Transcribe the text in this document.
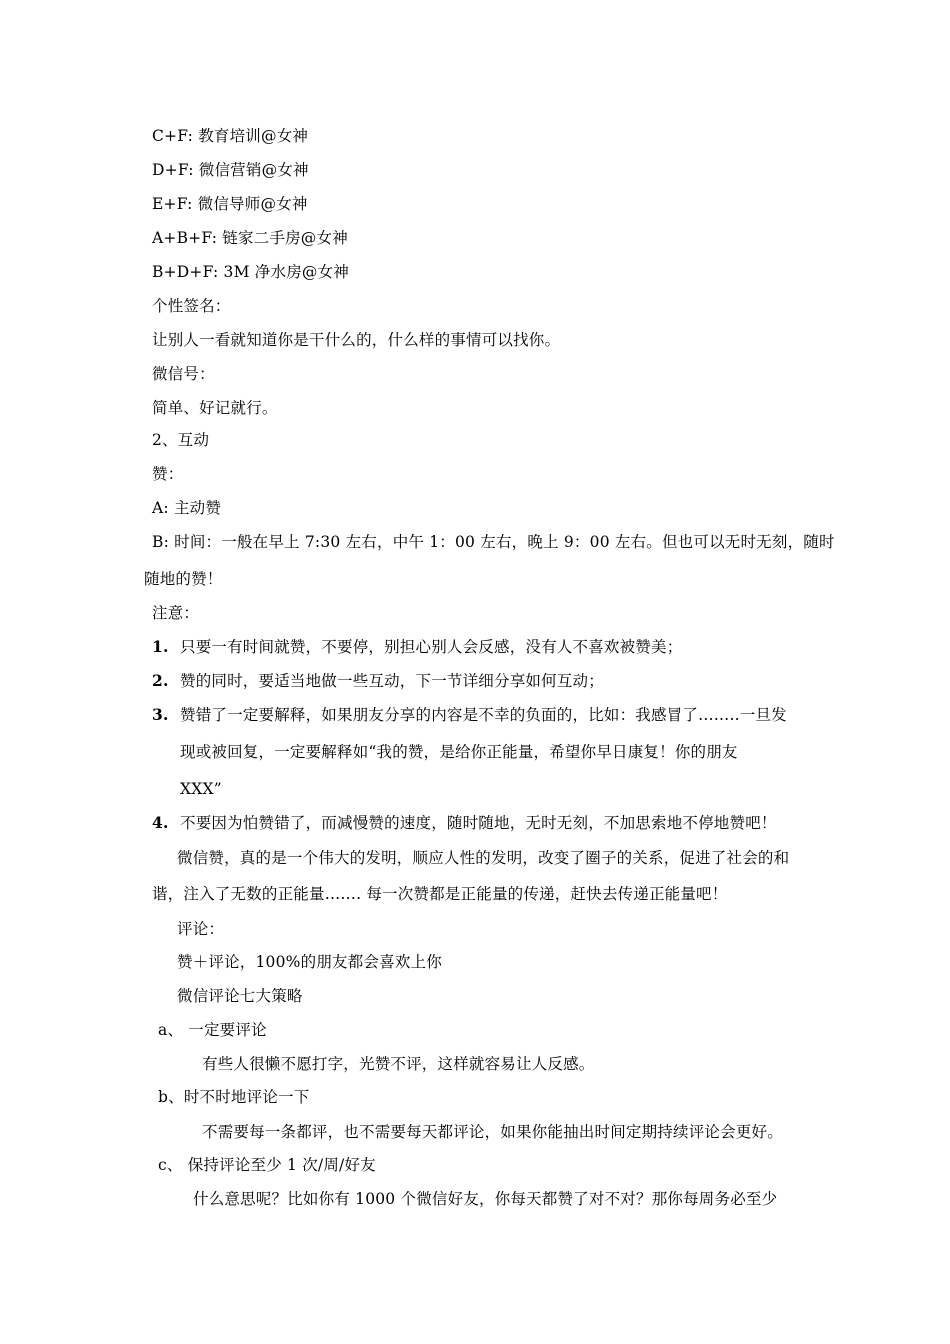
C+F: 教育培训@女神
D+F: 微信营销@女神
E+F: 微信导师@女神
A+B+F: 链家二手房@女神
B+D+F: 3M 净水房@女神
个性签名：
让别人一看就知道你是干什么的，什么样的事情可以找你。
微信号：
简单、好记就行。
2、互动
赞：
A: 主动赞
B: 时间：一般在早上 7:30 左右，中午 1：00 左右，晚上 9：00 左右。但也可以无时无刻，随时
随地的赞！
注意：
1. 只要一有时间就赞，不要停，别担心别人会反感，没有人不喜欢被赞美；
2. 赞的同时，要适当地做一些互动，下一节详细分享如何互动；
3. 赞错了一定要解释，如果朋友分享的内容是不幸的负面的，比如：我感冒了……..一旦发
现或被回复，一定要解释如“我的赞，是给你正能量，希望你早日康复！你的朋友
XXX”
4. 不要因为怕赞错了，而减慢赞的速度，随时随地，无时无刻，不加思索地不停地赞吧！
微信赞，真的是一个伟大的发明，顺应人性的发明，改变了圈子的关系，促进了社会的和
谐，注入了无数的正能量……. 每一次赞都是正能量的传递，赶快去传递正能量吧！
评论：
赞＋评论，100%的朋友都会喜欢上你
微信评论七大策略
a、 一定要评论
有些人很懒不愿打字，光赞不评，这样就容易让人反感。
b、时不时地评论一下
不需要每一条都评，也不需要每天都评论，如果你能抽出时间定期持续评论会更好。
c、 保持评论至少 1 次/周/好友
什么意思呢？比如你有 1000 个微信好友，你每天都赞了对不对？那你每周务必至少
